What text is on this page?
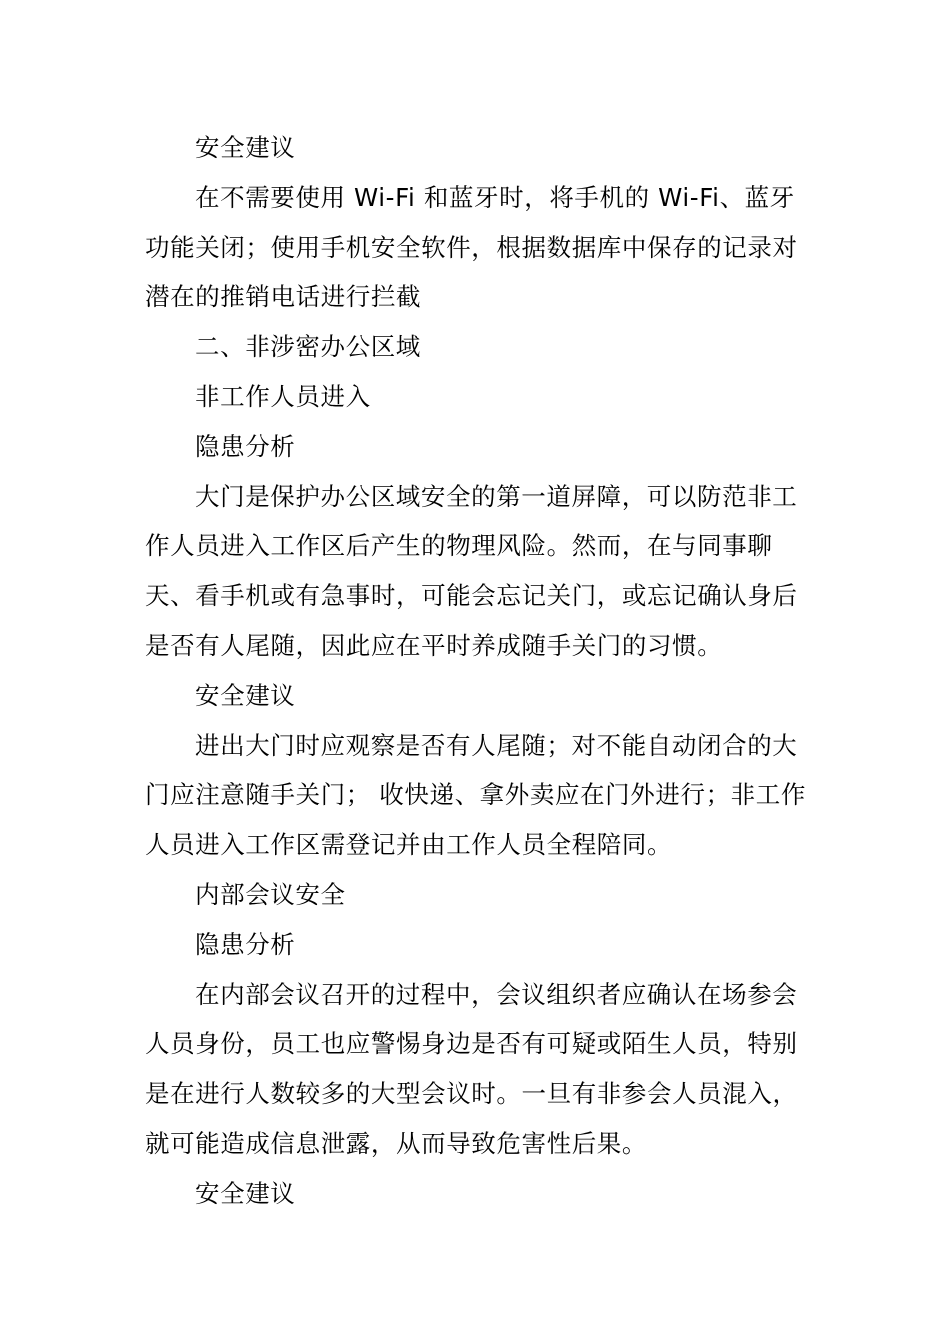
安全建议

在不需要使用 Wi-Fi 和蓝牙时，将手机的 Wi-Fi、蓝牙功能关闭；使用手机安全软件，根据数据库中保存的记录对潜在的推销电话进行拦截

二、非涉密办公区域

非工作人员进入

隐患分析

大门是保护办公区域安全的第一道屏障，可以防范非工作人员进入工作区后产生的物理风险。然而，在与同事聊天、看手机或有急事时，可能会忘记关门，或忘记确认身后是否有人尾随，因此应在平时养成随手关门的习惯。

安全建议

进出大门时应观察是否有人尾随；对不能自动闭合的大门应注意随手关门； 收快递、拿外卖应在门外进行；非工作人员进入工作区需登记并由工作人员全程陪同。

内部会议安全

隐患分析

在内部会议召开的过程中，会议组织者应确认在场参会人员身份，员工也应警惕身边是否有可疑或陌生人员，特别是在进行人数较多的大型会议时。一旦有非参会人员混入，就可能造成信息泄露，从而导致危害性后果。

安全建议
